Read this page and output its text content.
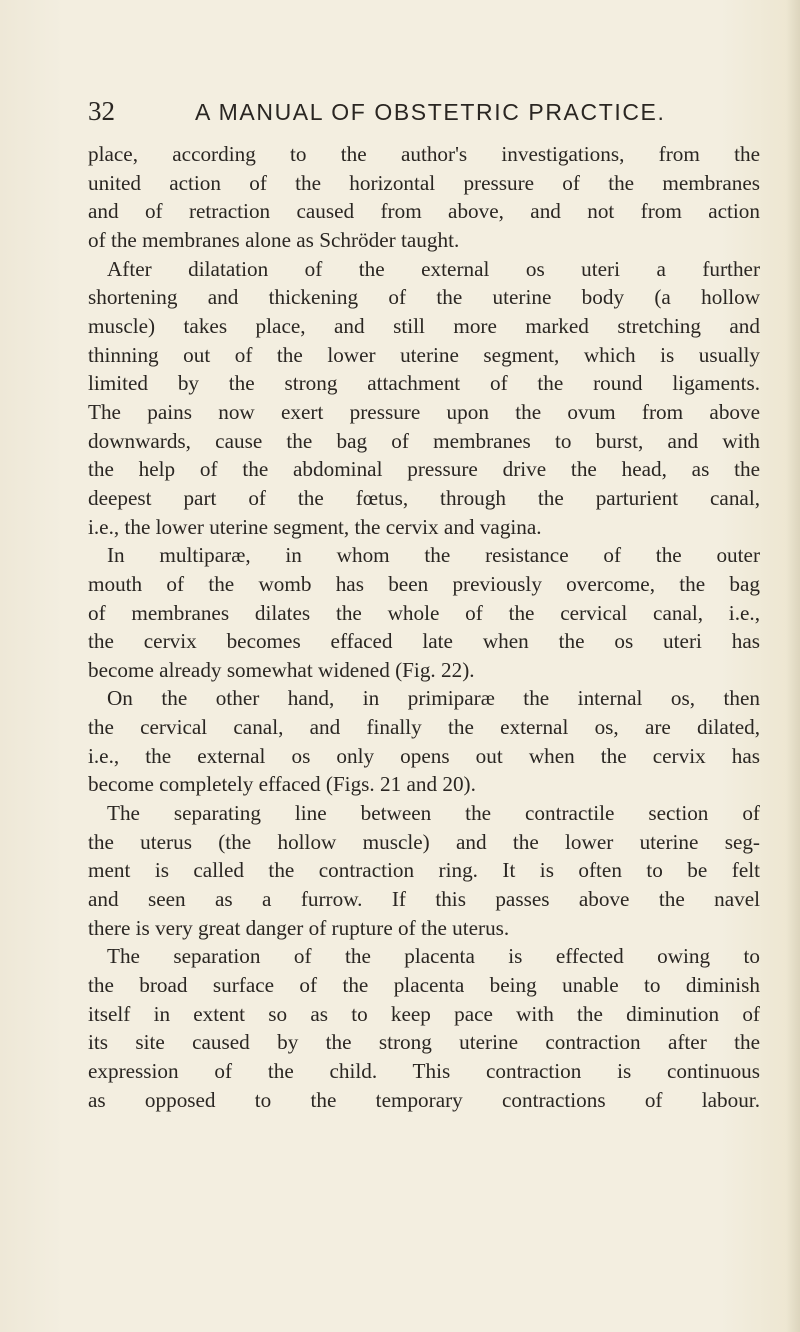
32	A MANUAL OF OBSTETRIC PRACTICE.
place, according to the author's investigations, from the
united action of the horizontal pressure of the membranes
and of retraction caused from above, and not from action
of the membranes alone as Schröder taught.
After dilatation of the external os uteri a further
shortening and thickening of the uterine body (a hollow
muscle) takes place, and still more marked stretching and
thinning out of the lower uterine segment, which is usually
limited by the strong attachment of the round ligaments.
The pains now exert pressure upon the ovum from above
downwards, cause the bag of membranes to burst, and with
the help of the abdominal pressure drive the head, as the
deepest part of the fœtus, through the parturient canal,
i.e., the lower uterine segment, the cervix and vagina.
In multiparæ, in whom the resistance of the outer
mouth of the womb has been previously overcome, the bag
of membranes dilates the whole of the cervical canal, i.e.,
the cervix becomes effaced late when the os uteri has
become already somewhat widened (Fig. 22).
On the other hand, in primiparæ the internal os, then
the cervical canal, and finally the external os, are dilated,
i.e., the external os only opens out when the cervix has
become completely effaced (Figs. 21 and 20).
The separating line between the contractile section of
the uterus (the hollow muscle) and the lower uterine seg-
ment is called the contraction ring. It is often to be felt
and seen as a furrow. If this passes above the navel
there is very great danger of rupture of the uterus.
The separation of the placenta is effected owing to
the broad surface of the placenta being unable to diminish
itself in extent so as to keep pace with the diminution of
its site caused by the strong uterine contraction after the
expression of the child. This contraction is continuous
as opposed to the temporary contractions of labour.
